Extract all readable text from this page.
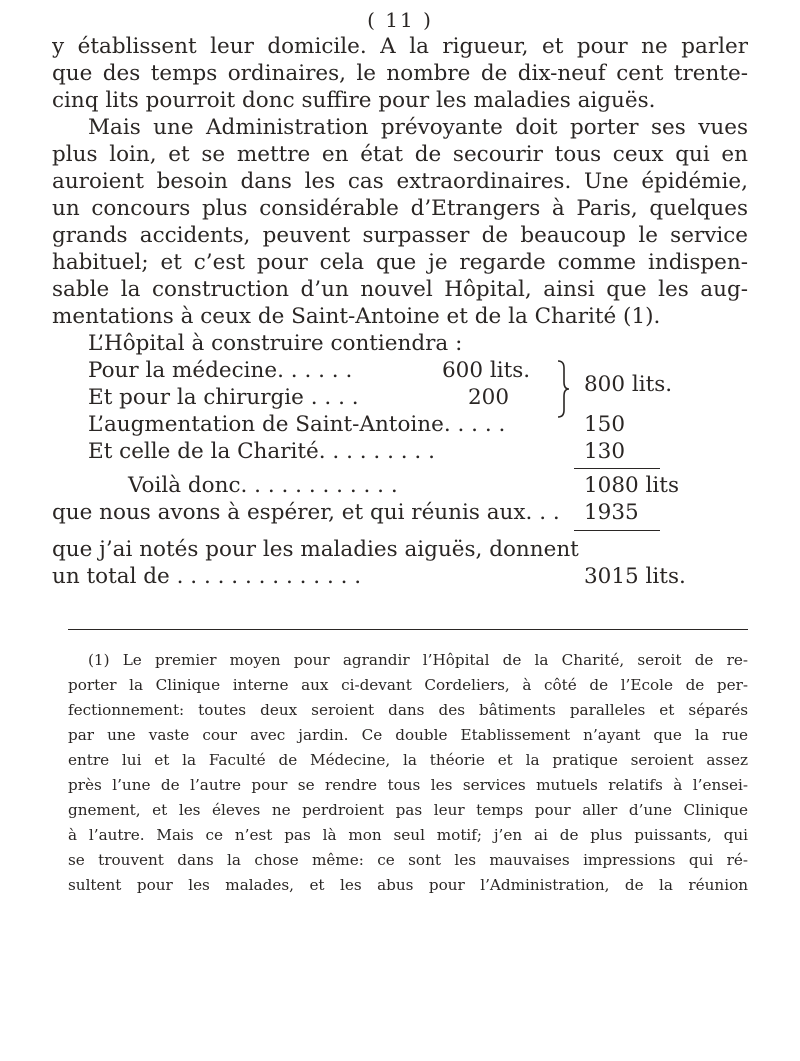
( 11 )
y établissent leur domicile. A la rigueur, et pour ne parler
que des temps ordinaires, le nombre de dix-neuf cent trente-
cinq lits pourroit donc suffire pour les maladies aiguës.
Mais une Administration prévoyante doit porter ses vues
plus loin, et se mettre en état de secourir tous ceux qui en
auroient besoin dans les cas extraordinaires. Une épidémie,
un concours plus considérable d’Etrangers à Paris, quelques
grands accidents, peuvent surpasser de beaucoup le service
habituel; et c’est pour cela que je regarde comme indispen-
sable la construction d’un nouvel Hôpital, ainsi que les aug-
mentations à ceux de Saint-Antoine et de la Charité (1).
L’Hôpital à construire contiendra :
Pour la médecine. . . . . .	600 lits.
Et pour la chirurgie . . . .	200
800 lits.
L’augmentation de Saint-Antoine. . . . .	150
Et celle de la Charité. . . . . . . . .	130
Voilà donc. . . . . . . . . . . .	1080 lits
que nous avons à espérer, et qui réunis aux. . .	1935
que j’ai notés pour les maladies aiguës, donnent
un total de . . . . . . . . . . . . . .	3015 lits.
(1) Le premier moyen pour agrandir l’Hôpital de la Charité, seroit de re-
porter la Clinique interne aux ci-devant Cordeliers, à côté de l’Ecole de per-
fectionnement: toutes deux seroient dans des bâtiments paralleles et séparés
par une vaste cour avec jardin. Ce double Etablissement n’ayant que la rue
entre lui et la Faculté de Médecine, la théorie et la pratique seroient assez
près l’une de l’autre pour se rendre tous les services mutuels relatifs à l’ensei-
gnement, et les éleves ne perdroient pas leur temps pour aller d’une Clinique
à l’autre. Mais ce n’est pas là mon seul motif; j’en ai de plus puissants, qui
se trouvent dans la chose même: ce sont les mauvaises impressions qui ré-
sultent pour les malades, et les abus pour l’Administration, de la réunion
